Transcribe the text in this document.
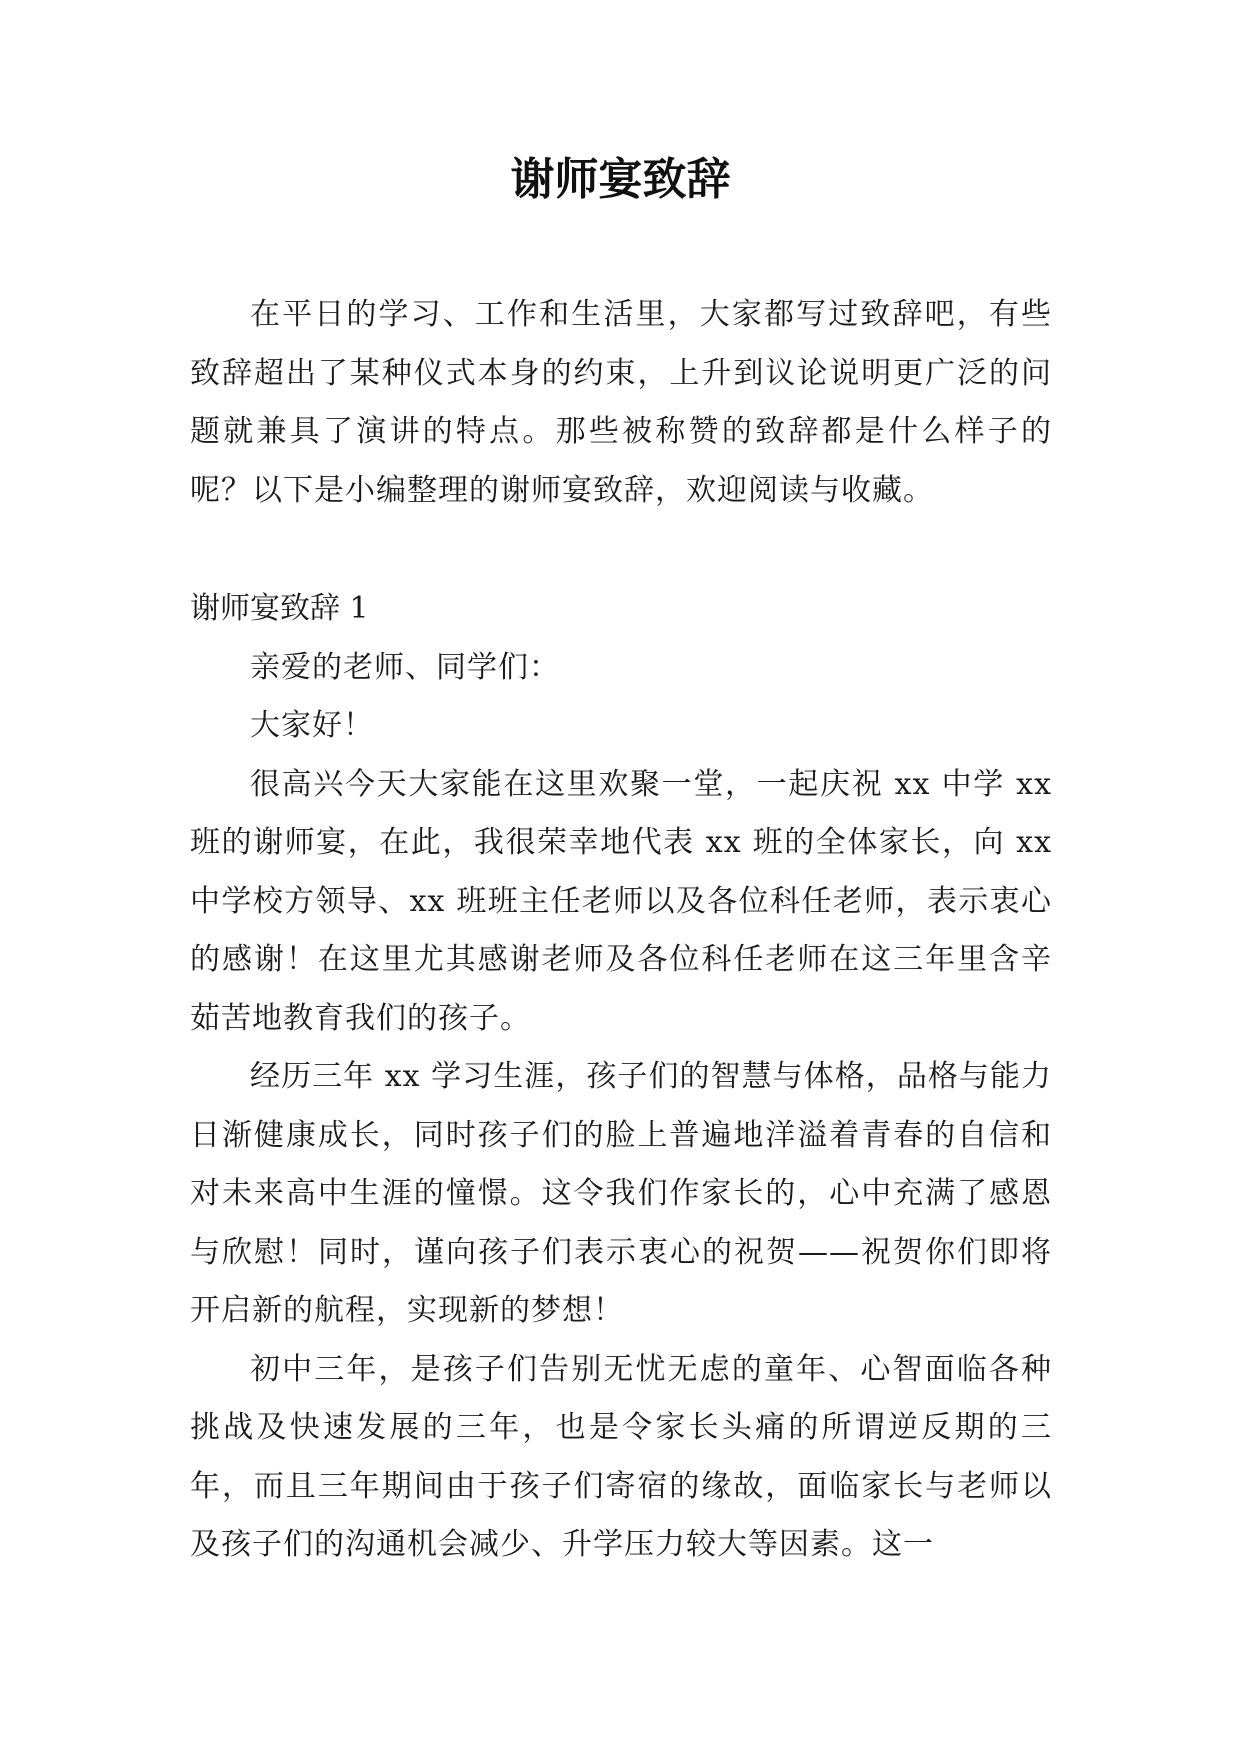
谢师宴致辞

在平日的学习、工作和生活里，大家都写过致辞吧，有些致辞超出了某种仪式本身的约束，上升到议论说明更广泛的问题就兼具了演讲的特点。那些被称赞的致辞都是什么样子的呢？以下是小编整理的谢师宴致辞，欢迎阅读与收藏。

谢师宴致辞 1

亲爱的老师、同学们：

大家好！

很高兴今天大家能在这里欢聚一堂，一起庆祝 xx 中学 xx 班的谢师宴，在此，我很荣幸地代表 xx 班的全体家长，向 xx 中学校方领导、xx 班班主任老师以及各位科任老师，表示衷心的感谢！在这里尤其感谢老师及各位科任老师在这三年里含辛茹苦地教育我们的孩子。

经历三年 xx 学习生涯，孩子们的智慧与体格，品格与能力日渐健康成长，同时孩子们的脸上普遍地洋溢着青春的自信和对未来高中生涯的憧憬。这令我们作家长的，心中充满了感恩与欣慰！同时，谨向孩子们表示衷心的祝贺——祝贺你们即将开启新的航程，实现新的梦想！

初中三年，是孩子们告别无忧无虑的童年、心智面临各种挑战及快速发展的三年，也是令家长头痛的所谓逆反期的三年，而且三年期间由于孩子们寄宿的缘故，面临家长与老师以及孩子们的沟通机会减少、升学压力较大等因素。这一
